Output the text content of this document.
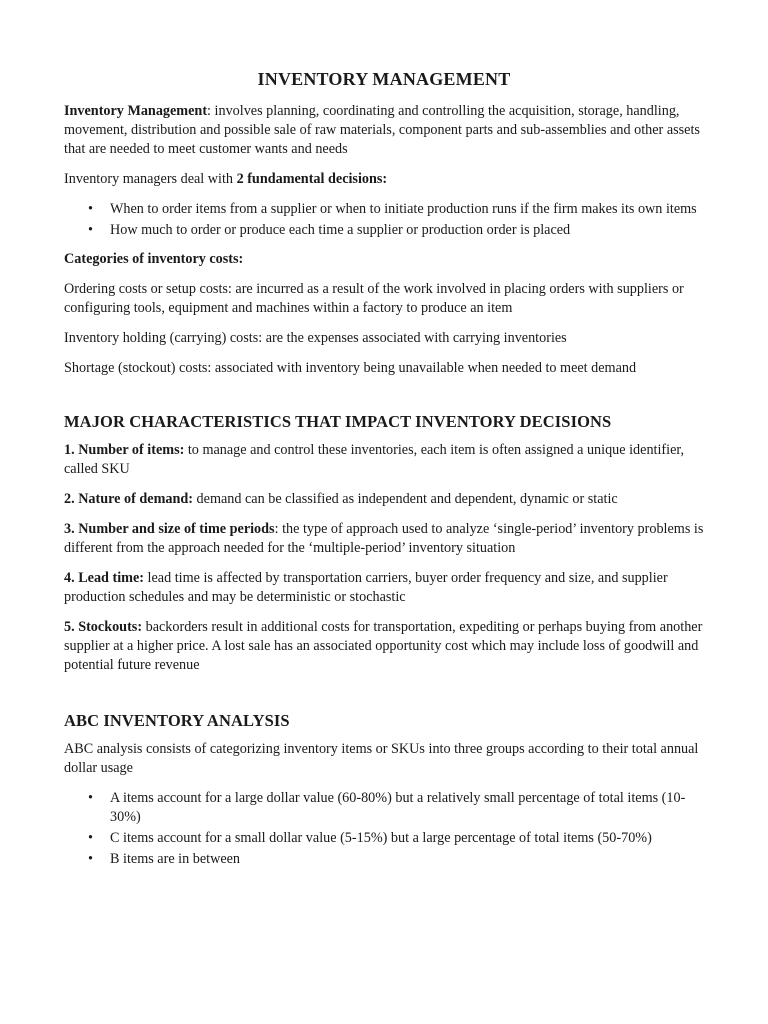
INVENTORY MANAGEMENT

Inventory Management: involves planning, coordinating and controlling the acquisition, storage, handling, movement, distribution and possible sale of raw materials, component parts and sub-assemblies and other assets that are needed to meet customer wants and needs

Inventory managers deal with 2 fundamental decisions:

• When to order items from a supplier or when to initiate production runs if the firm makes its own items
• How much to order or produce each time a supplier or production order is placed

Categories of inventory costs:

Ordering costs or setup costs: are incurred as a result of the work involved in placing orders with suppliers or configuring tools, equipment and machines within a factory to produce an item

Inventory holding (carrying) costs: are the expenses associated with carrying inventories

Shortage (stockout) costs: associated with inventory being unavailable when needed to meet demand

MAJOR CHARACTERISTICS THAT IMPACT INVENTORY DECISIONS

1. Number of items: to manage and control these inventories, each item is often assigned a unique identifier, called SKU

2. Nature of demand: demand can be classified as independent and dependent, dynamic or static

3. Number and size of time periods: the type of approach used to analyze ‘single-period’ inventory problems is different from the approach needed for the ‘multiple-period’ inventory situation

4. Lead time: lead time is affected by transportation carriers, buyer order frequency and size, and supplier production schedules and may be deterministic or stochastic

5. Stockouts: backorders result in additional costs for transportation, expediting or perhaps buying from another supplier at a higher price. A lost sale has an associated opportunity cost which may include loss of goodwill and potential future revenue

ABC INVENTORY ANALYSIS

ABC analysis consists of categorizing inventory items or SKUs into three groups according to their total annual dollar usage

• A items account for a large dollar value (60-80%) but a relatively small percentage of total items (10-30%)
• C items account for a small dollar value (5-15%) but a large percentage of total items (50-70%)
• B items are in between
